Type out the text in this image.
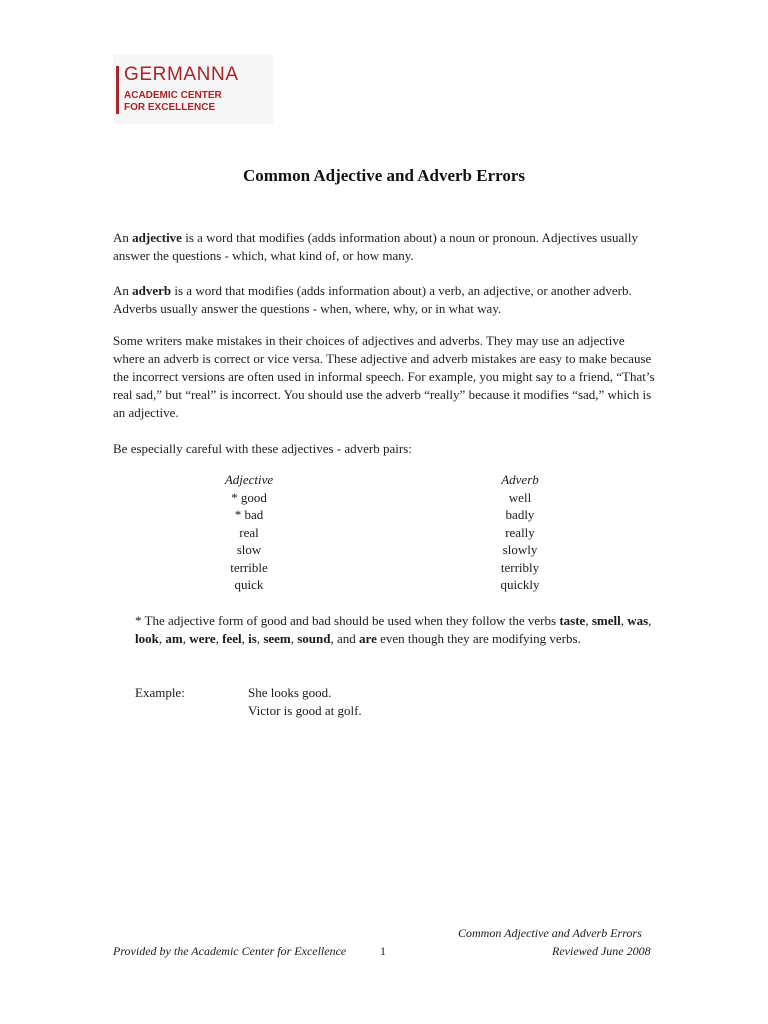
GERMANNA
ACADEMIC CENTER
FOR EXCELLENCE
Common Adjective and Adverb Errors

An adjective is a word that modifies (adds information about) a noun or pronoun. Adjectives usually answer the questions - which, what kind of, or how many.

An adverb is a word that modifies (adds information about) a verb, an adjective, or another adverb. Adverbs usually answer the questions - when, where, why, or in what way.

Some writers make mistakes in their choices of adjectives and adverbs. They may use an adjective where an adverb is correct or vice versa. These adjective and adverb mistakes are easy to make because the incorrect versions are often used in informal speech. For example, you might say to a friend, “That’s real sad,” but “real” is incorrect. You should use the adverb “really” because it modifies “sad,” which is an adjective.

Be especially careful with these adjectives - adverb pairs:

Adjective	Adverb
* good	well
* bad	badly
real	really
slow	slowly
terrible	terribly
quick	quickly

* The adjective form of good and bad should be used when they follow the verbs taste, smell, was, look, am, were, feel, is, seem, sound, and are even though they are modifying verbs.

Example:	She looks good.
Victor is good at golf.
Common Adjective and Adverb Errors
Provided by the Academic Center for Excellence	1	Reviewed June 2008
